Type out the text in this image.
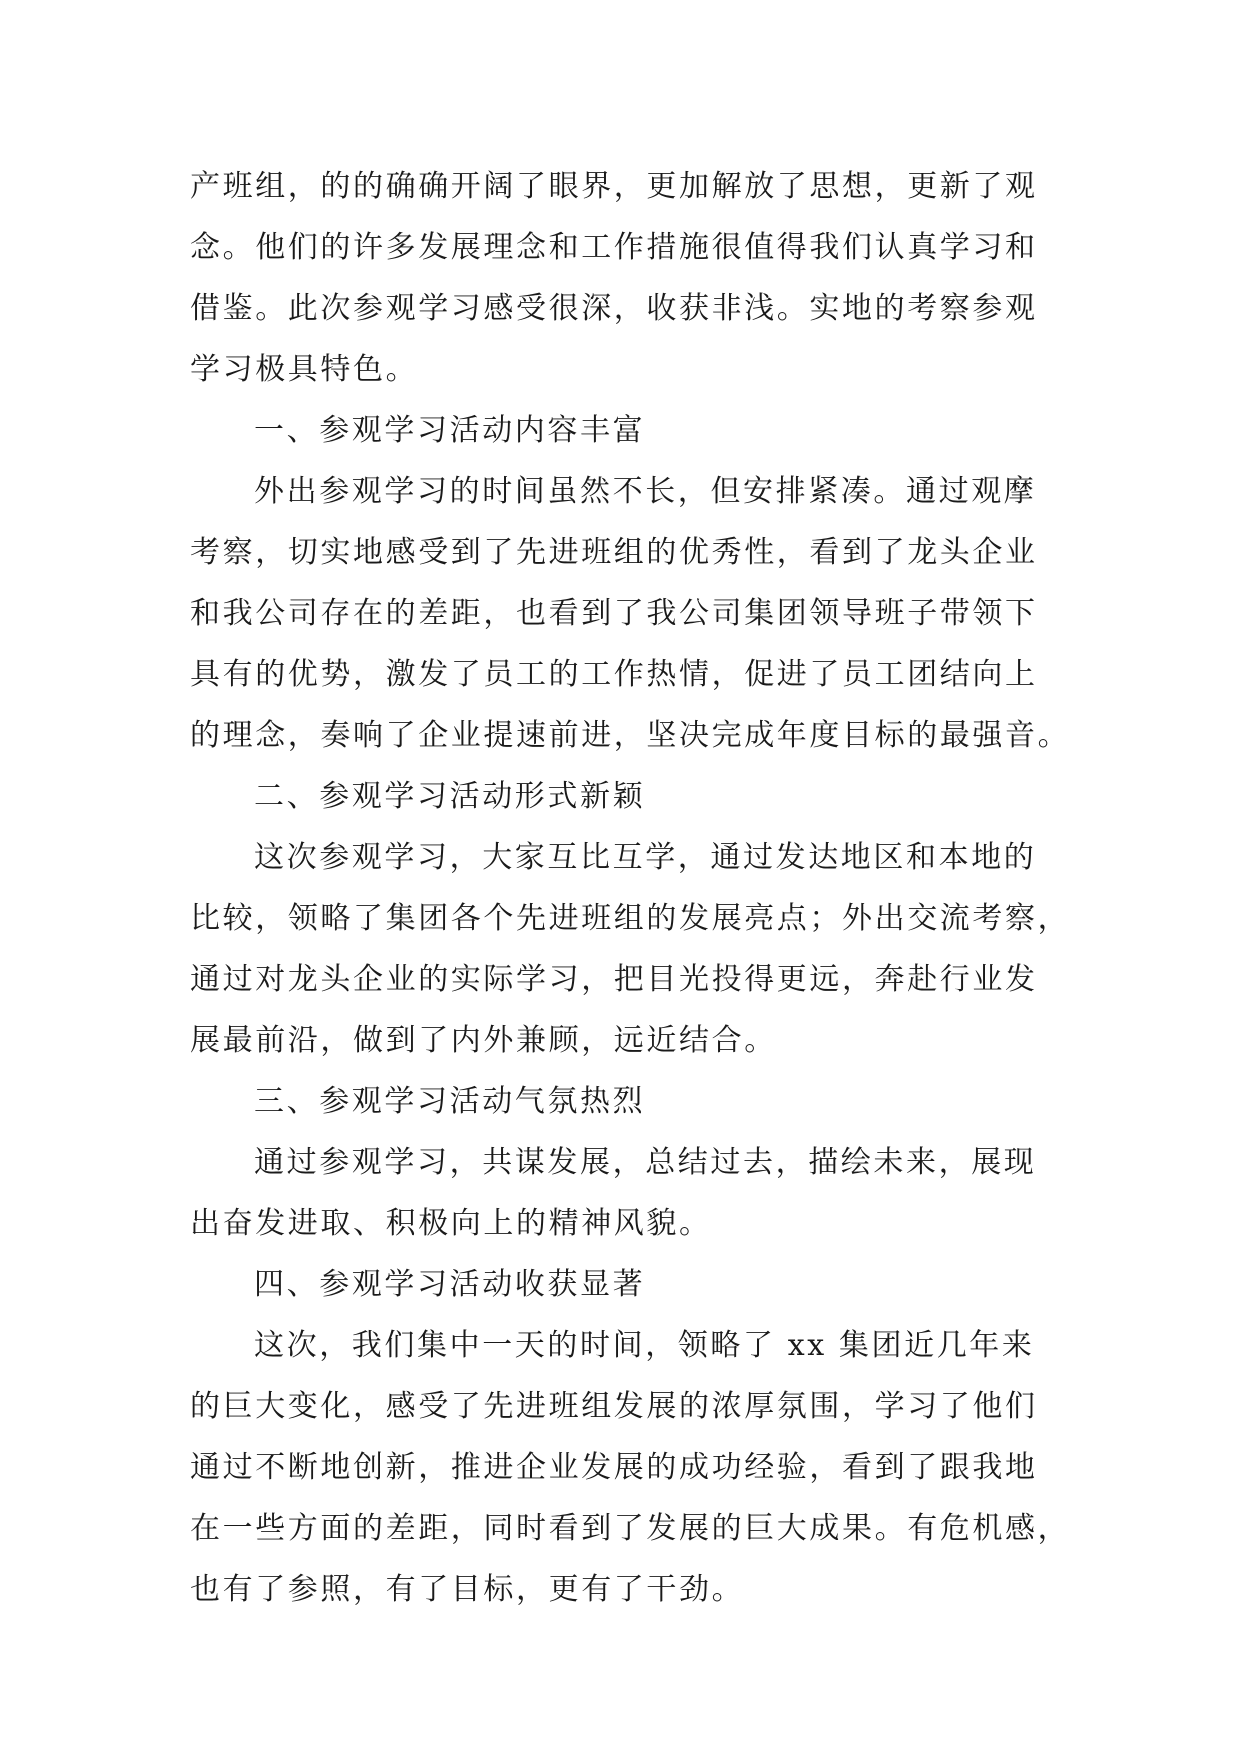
产班组，的的确确开阔了眼界，更加解放了思想，更新了观
念。他们的许多发展理念和工作措施很值得我们认真学习和
借鉴。此次参观学习感受很深，收获非浅。实地的考察参观
学习极具特色。
一、参观学习活动内容丰富
外出参观学习的时间虽然不长，但安排紧凑。通过观摩
考察，切实地感受到了先进班组的优秀性，看到了龙头企业
和我公司存在的差距，也看到了我公司集团领导班子带领下
具有的优势，激发了员工的工作热情，促进了员工团结向上
的理念，奏响了企业提速前进，坚决完成年度目标的最强音。
二、参观学习活动形式新颖
这次参观学习，大家互比互学，通过发达地区和本地的
比较，领略了集团各个先进班组的发展亮点；外出交流考察，
通过对龙头企业的实际学习，把目光投得更远，奔赴行业发
展最前沿，做到了内外兼顾，远近结合。
三、参观学习活动气氛热烈
通过参观学习，共谋发展，总结过去，描绘未来，展现
出奋发进取、积极向上的精神风貌。
四、参观学习活动收获显著
这次，我们集中一天的时间，领略了 xx 集团近几年来
的巨大变化，感受了先进班组发展的浓厚氛围，学习了他们
通过不断地创新，推进企业发展的成功经验，看到了跟我地
在一些方面的差距，同时看到了发展的巨大成果。有危机感，
也有了参照，有了目标，更有了干劲。
